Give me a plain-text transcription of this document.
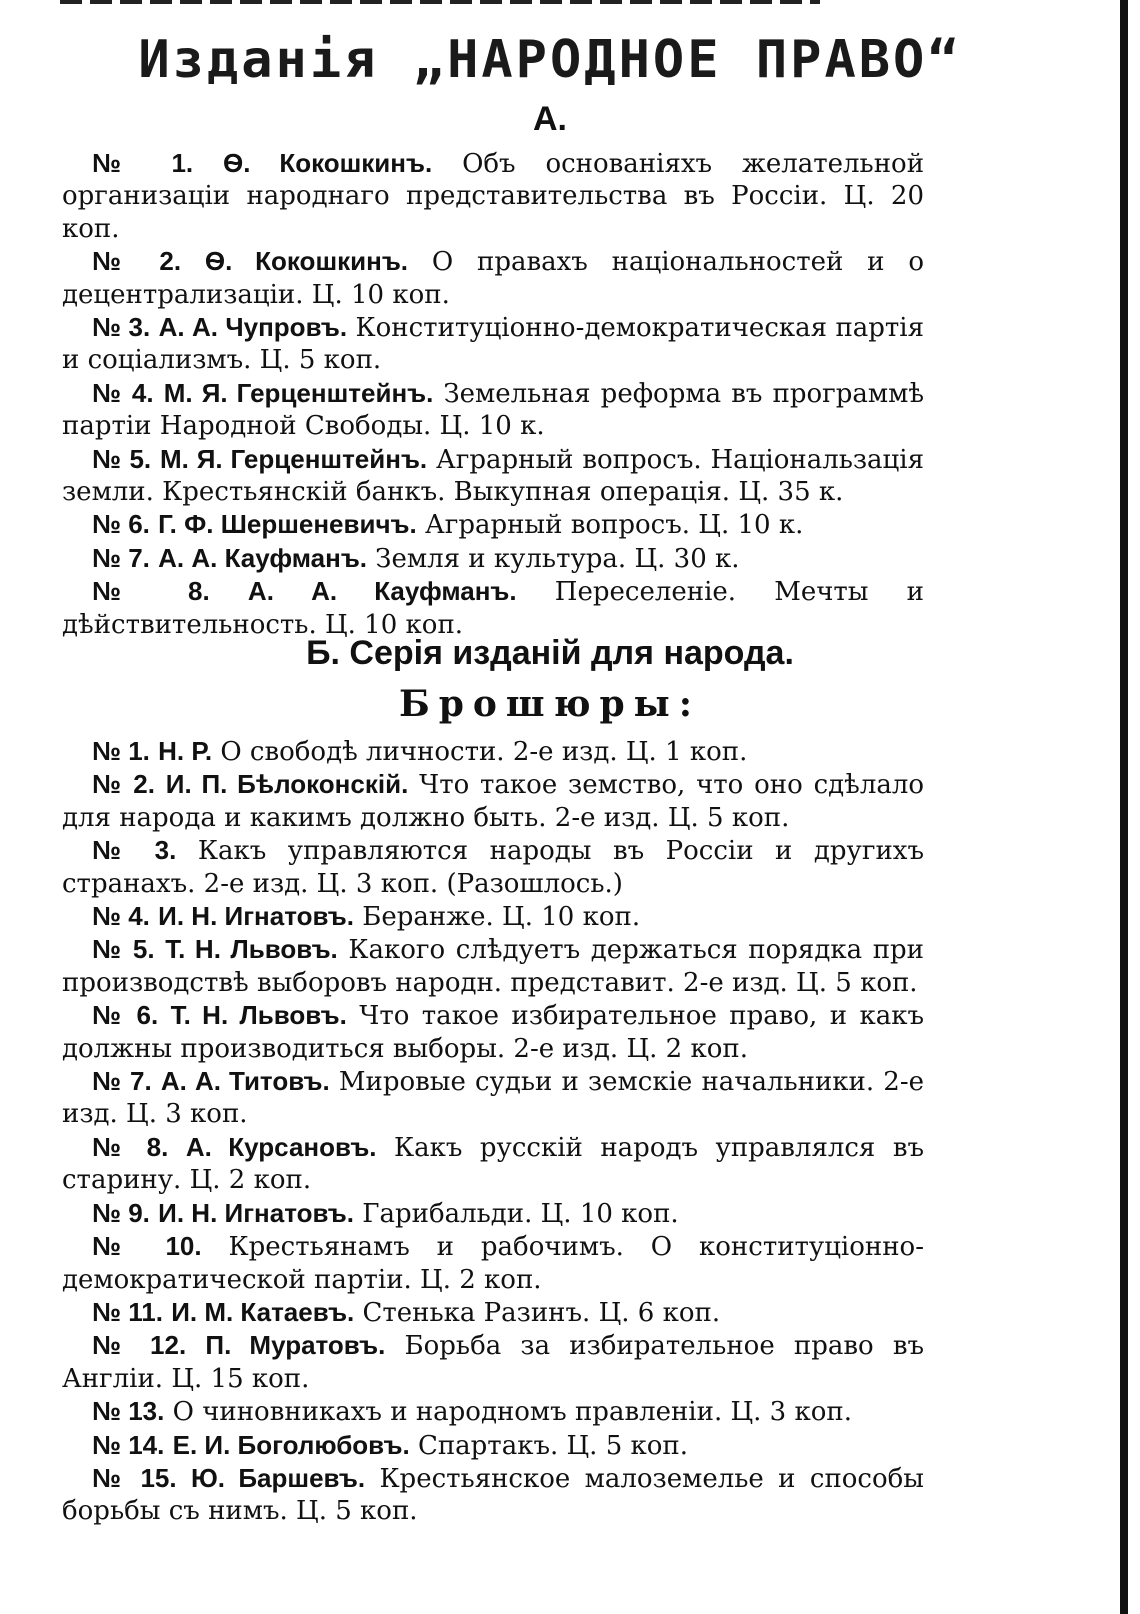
Изданія „НАРОДНОЕ ПРАВО“
А.

№ 1. Ѳ. Кокошкинъ. Объ основаніяхъ желательной организаціи народнаго представительства въ Россіи. Ц. 20 коп.

№ 2. Ѳ. Кокошкинъ. О правахъ національностей и о децентрализаціи. Ц. 10 коп.

№ 3. А. А. Чупровъ. Конституціонно-демократическая партія и соціализмъ. Ц. 5 коп.

№ 4. М. Я. Герценштейнъ. Земельная реформа въ программѣ партіи Народной Свободы. Ц. 10 к.

№ 5. М. Я. Герценштейнъ. Аграрный вопросъ. Національзація земли. Крестьянскій банкъ. Выкупная операція. Ц. 35 к.

№ 6. Г. Ф. Шершеневичъ. Аграрный вопросъ. Ц. 10 к.

№ 7. А. А. Кауфманъ. Земля и культура. Ц. 30 к.

№ 8. А. А. Кауфманъ. Переселеніе. Мечты и дѣйствительность. Ц. 10 коп.

Б. Серія изданій для народа.
Брошюры:

№ 1. Н. Р. О свободѣ личности. 2-е изд. Ц. 1 коп.

№ 2. И. П. Бѣлоконскій. Что такое земство, что оно сдѣлало для народа и какимъ должно быть. 2-е изд. Ц. 5 коп.

№ 3. Какъ управляются народы въ Россіи и другихъ странахъ. 2-е изд. Ц. 3 коп. (Разошлось.)

№ 4. И. Н. Игнатовъ. Беранже. Ц. 10 коп.

№ 5. Т. Н. Львовъ. Какого слѣдуетъ держаться порядка при производствѣ выборовъ народн. представит. 2-е изд. Ц. 5 коп.

№ 6. Т. Н. Львовъ. Что такое избирательное право, и какъ должны производиться выборы. 2-е изд. Ц. 2 коп.

№ 7. А. А. Титовъ. Мировые судьи и земскіе начальники. 2-е изд. Ц. 3 коп.

№ 8. А. Курсановъ. Какъ русскій народъ управлялся въ старину. Ц. 2 коп.

№ 9. И. Н. Игнатовъ. Гарибальди. Ц. 10 коп.

№ 10. Крестьянамъ и рабочимъ. О конституціонно-демократической партіи. Ц. 2 коп.

№ 11. И. М. Катаевъ. Стенька Разинъ. Ц. 6 коп.

№ 12. П. Муратовъ. Борьба за избирательное право въ Англіи. Ц. 15 коп.

№ 13. О чиновникахъ и народномъ правленіи. Ц. 3 коп.

№ 14. Е. И. Боголюбовъ. Спартакъ. Ц. 5 коп.

№ 15. Ю. Баршевъ. Крестьянское малоземелье и способы борьбы съ нимъ. Ц. 5 коп.
